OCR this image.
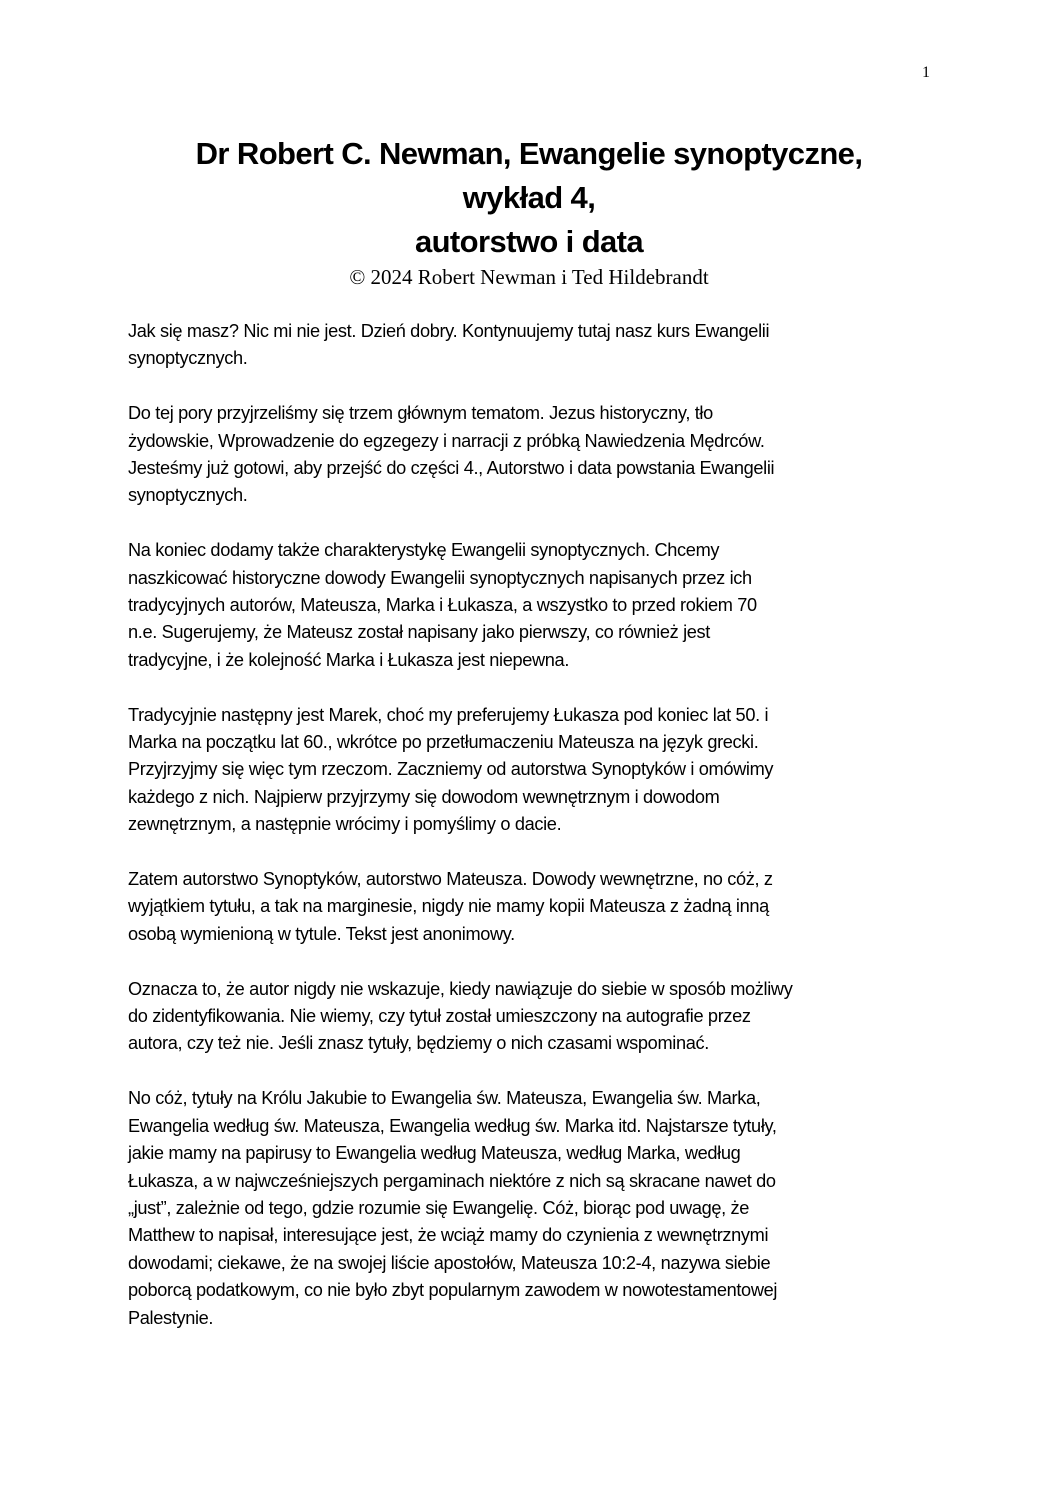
1
Dr Robert C. Newman, Ewangelie synoptyczne,
wykład 4,
autorstwo i data
© 2024 Robert Newman i Ted Hildebrandt

Jak się masz? Nic mi nie jest. Dzień dobry. Kontynuujemy tutaj nasz kurs Ewangelii
synoptycznych.

Do tej pory przyjrzeliśmy się trzem głównym tematom. Jezus historyczny, tło
żydowskie, Wprowadzenie do egzegezy i narracji z próbką Nawiedzenia Mędrców.
Jesteśmy już gotowi, aby przejść do części 4., Autorstwo i data powstania Ewangelii
synoptycznych.

Na koniec dodamy także charakterystykę Ewangelii synoptycznych. Chcemy
naszkicować historyczne dowody Ewangelii synoptycznych napisanych przez ich
tradycyjnych autorów, Mateusza, Marka i Łukasza, a wszystko to przed rokiem 70
n.e. Sugerujemy, że Mateusz został napisany jako pierwszy, co również jest
tradycyjne, i że kolejność Marka i Łukasza jest niepewna.

Tradycyjnie następny jest Marek, choć my preferujemy Łukasza pod koniec lat 50. i
Marka na początku lat 60., wkrótce po przetłumaczeniu Mateusza na język grecki.
Przyjrzyjmy się więc tym rzeczom. Zaczniemy od autorstwa Synoptyków i omówimy
każdego z nich. Najpierw przyjrzymy się dowodom wewnętrznym i dowodom
zewnętrznym, a następnie wrócimy i pomyślimy o dacie.

Zatem autorstwo Synoptyków, autorstwo Mateusza. Dowody wewnętrzne, no cóż, z
wyjątkiem tytułu, a tak na marginesie, nigdy nie mamy kopii Mateusza z żadną inną
osobą wymienioną w tytule. Tekst jest anonimowy.

Oznacza to, że autor nigdy nie wskazuje, kiedy nawiązuje do siebie w sposób możliwy
do zidentyfikowania. Nie wiemy, czy tytuł został umieszczony na autografie przez
autora, czy też nie. Jeśli znasz tytuły, będziemy o nich czasami wspominać.

No cóż, tytuły na Królu Jakubie to Ewangelia św. Mateusza, Ewangelia św. Marka,
Ewangelia według św. Mateusza, Ewangelia według św. Marka itd. Najstarsze tytuły,
jakie mamy na papirusy to Ewangelia według Mateusza, według Marka, według
Łukasza, a w najwcześniejszych pergaminach niektóre z nich są skracane nawet do
„just”, zależnie od tego, gdzie rozumie się Ewangelię. Cóż, biorąc pod uwagę, że
Matthew to napisał, interesujące jest, że wciąż mamy do czynienia z wewnętrznymi
dowodami; ciekawe, że na swojej liście apostołów, Mateusza 10:2-4, nazywa siebie
poborcą podatkowym, co nie było zbyt popularnym zawodem w nowotestamentowej
Palestynie.
